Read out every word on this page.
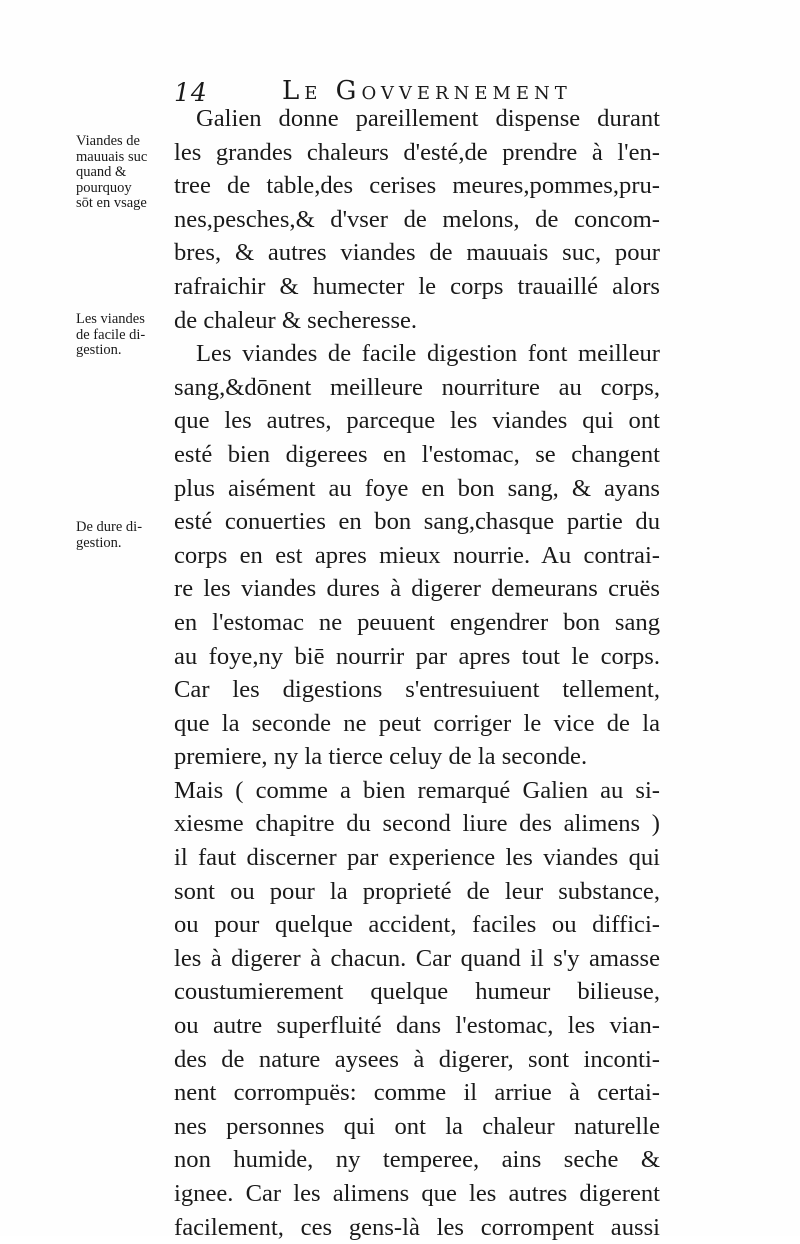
14	Le Govvernement
Viandes de
mauuais suc
quand &
pourquoy
sōt en vsage
Les viandes
de facile di-
gestion.
De dure di-
gestion.
Galien donne pareillement dispense durant
les grandes chaleurs d'esté,de prendre à l'en-
tree de table,des cerises meures,pommes,pru-
nes,pesches,& d'vser de melons, de concom-
bres, & autres viandes de mauuais suc, pour
rafraichir & humecter le corps trauaillé alors
de chaleur & secheresse.
Les viandes de facile digestion font meilleur
sang,&dōnent meilleure nourriture au corps,
que les autres, parceque les viandes qui ont
esté bien digerees en l'estomac, se changent
plus aisément au foye en bon sang, & ayans
esté conuerties en bon sang,chasque partie du
corps en est apres mieux nourrie. Au contrai-
re les viandes dures à digerer demeurans cruës
en l'estomac ne peuuent engendrer bon sang
au foye,ny biē nourrir par apres tout le corps.
Car les digestions s'entresuiuent tellement,
que la seconde ne peut corriger le vice de la
premiere, ny la tierce celuy de la seconde.
Mais ( comme a bien remarqué Galien au si-
xiesme chapitre du second liure des alimens )
il faut discerner par experience les viandes qui
sont ou pour la proprieté de leur substance,
ou pour quelque accident, faciles ou diffici-
les à digerer à chacun. Car quand il s'y amasse
coustumierement quelque humeur bilieuse,
ou autre superfluité dans l'estomac, les vian-
des de nature aysees à digerer, sont inconti-
nent corrompuës: comme il arriue à certai-
nes personnes qui ont la chaleur naturelle
non humide, ny temperee, ains seche &
ignee. Car les alimens que les autres digerent
facilement, ces gens-là les corrompent aussi
